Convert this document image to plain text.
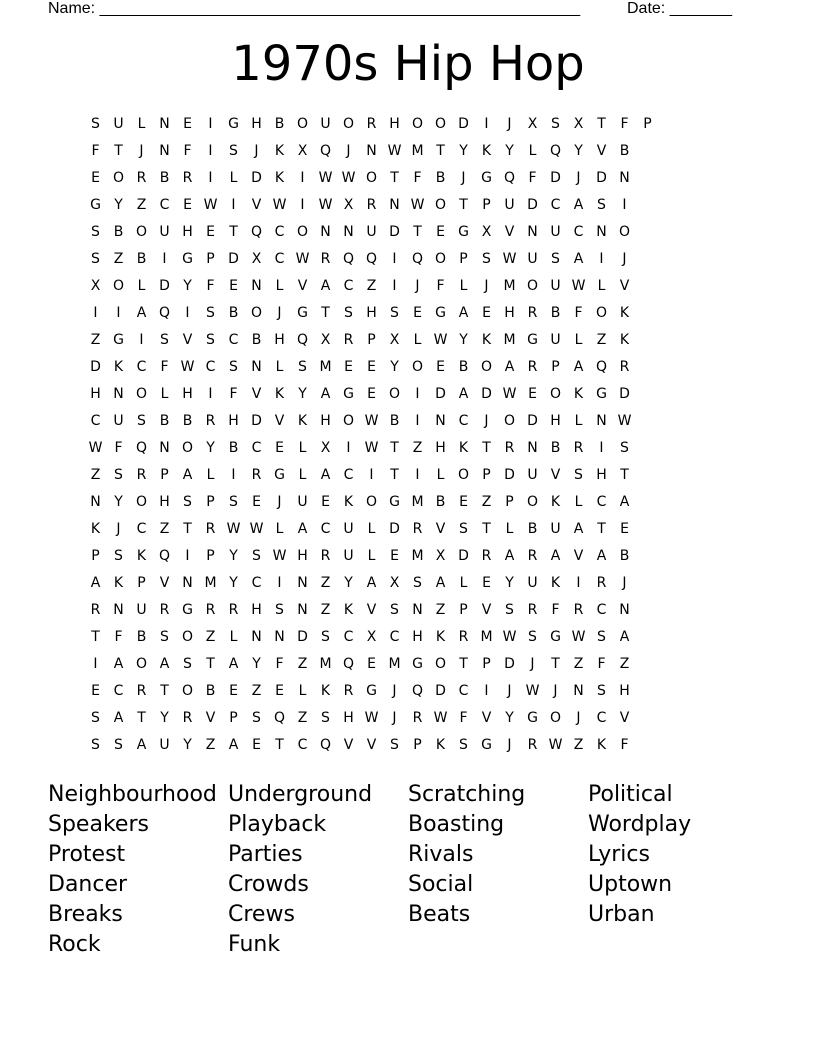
Name: ______________________________________________________	Date: _______
1970s Hip Hop
S U L N E	I	G H B O U O R H O O D	I	J	X S X T	F	P
F	T	J	N F	I	S	J	K X Q	J	N W M T	Y	K	Y	L Q Y V B
E O R B R	I	L D K	I	W W O T	F	B	J	G Q F D	J	D N
G Y Z C E W	I	V W	I	W X R N W O T	P U D C A S	I
S B O U H E	T Q C O N N U D T	E G X V N U C N O
S Z B	I	G P D X C W R Q Q	I	Q O P	S W U S A	I	J
X O L D Y	F	E N L	V A C Z	I	J	F	L	J	M O U W L	V
I	I	A Q	I	S B O	J	G T	S H S	E G A E H R B	F O K
Z G	I	S V S C B H Q X R P X	L W Y	K M G U L	Z K
D K C	F W C S N L	S M E	E	Y O E B O A R P A Q R
H N O L H	I	F	V K	Y A G E O	I	D A D W E O K G D
C U S B B R H D V K H O W B	I	N C	J	O D H L N W
W F Q N O Y B C E	L	X	I	W T Z H K	T R N B R	I	S
Z S R P A	L	I	R G L	A C	I	T	I	L O P D U V S H T
N Y O H S	P	S	E	J	U E K O G M B E Z P O K	L	C A
K	J	C Z T R W W L	A C U L D R V S	T	L	B U A T	E
P	S K Q	I	P	Y	S W H R U L	E M X D R A R A V A B
A K	P V N M Y C	I	N Z Y A X S A	L	E	Y U K	I	R	J
R N U R G R R H S N Z K V S N Z P V S R	F	R C N
T	F	B S O Z	L N N D S C X C H K R M W S G W S A
I	A O A S	T A Y	F	Z M Q E M G O T	P D	J	T Z	F	Z
E C R T O B E Z E	L	K R G	J	Q D C	I	J	W	J	N S H
S A T	Y R V P	S Q Z S H W	J	R W F	V Y G O	J	C V
S	S A U Y Z A E	T C Q V V S	P	K S G	J	R W Z K	F
Neighbourhood
Speakers
Protest
Dancer
Breaks
Rock
Underground
Playback
Parties
Crowds
Crews
Funk
Scratching
Boasting
Rivals
Social
Beats
Political
Wordplay
Lyrics
Uptown
Urban
